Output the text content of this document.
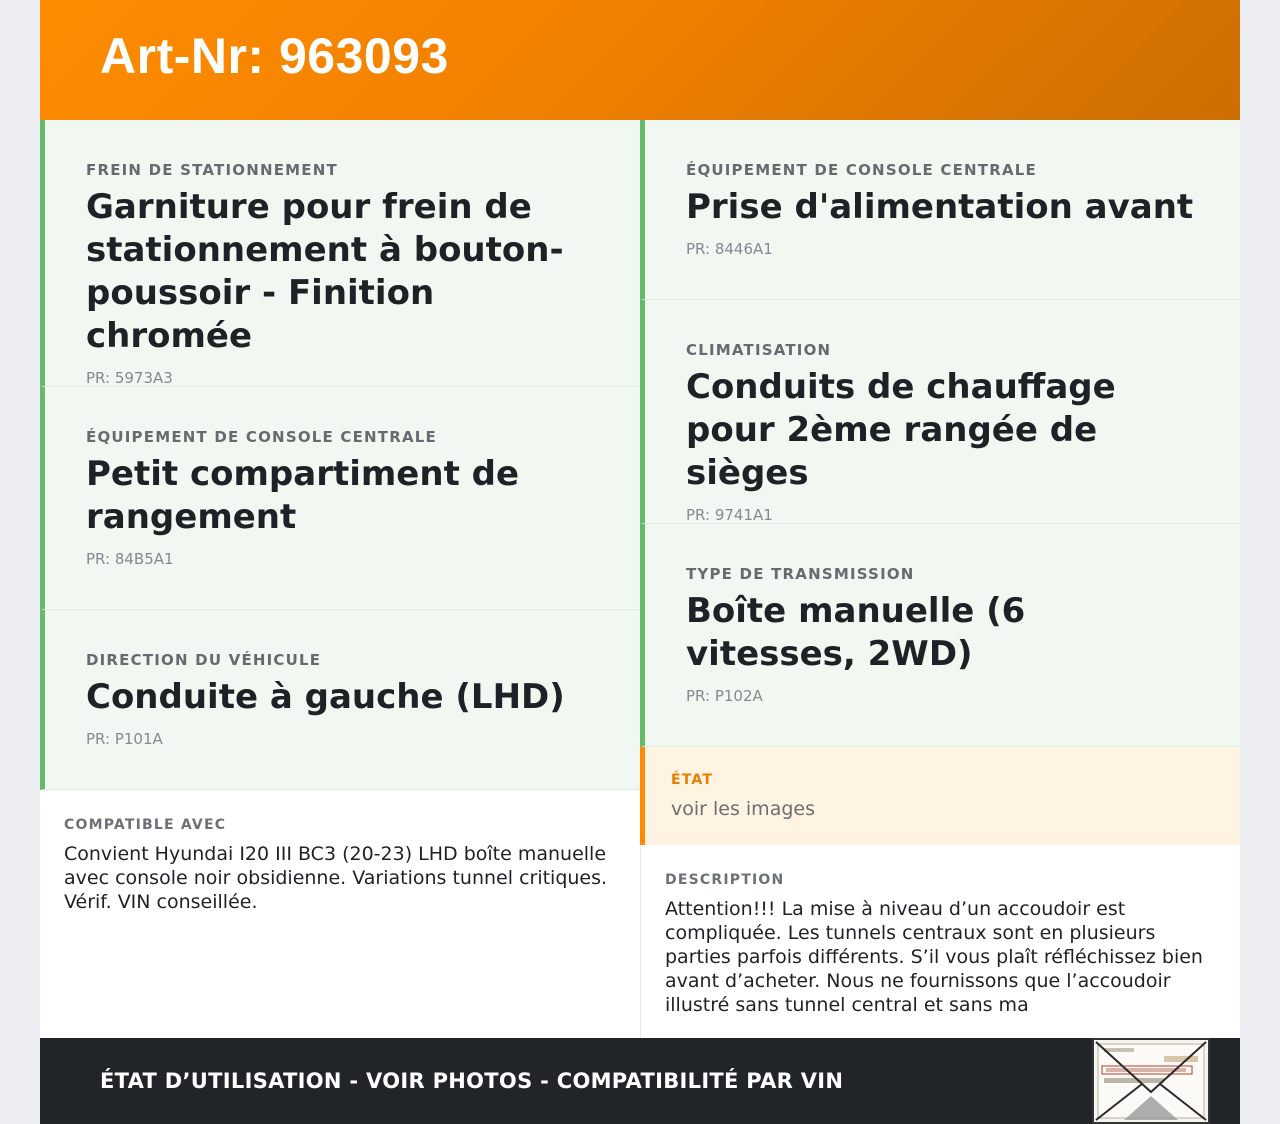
Art-Nr: 963093
FREIN DE STATIONNEMENT
Garniture pour frein de stationnement à bouton-poussoir - Finition chromée
PR: 5973A3
ÉQUIPEMENT DE CONSOLE CENTRALE
Petit compartiment de rangement
PR: 84B5A1
DIRECTION DU VÉHICULE
Conduite à gauche (LHD)
PR: P101A
ÉQUIPEMENT DE CONSOLE CENTRALE
Prise d'alimentation avant
PR: 8446A1
CLIMATISATION
Conduits de chauffage pour 2ème rangée de sièges
PR: 9741A1
TYPE DE TRANSMISSION
Boîte manuelle (6 vitesses, 2WD)
PR: P102A
ÉTAT
voir les images
COMPATIBLE AVEC
Convient Hyundai I20 III BC3 (20-23) LHD boîte manuelle avec console noir obsidienne. Variations tunnel critiques. Vérif. VIN conseillée.
DESCRIPTION
Attention!!! La mise à niveau d’un accoudoir est compliquée. Les tunnels centraux sont en plusieurs parties parfois différents. S’il vous plaît réfléchissez bien avant d’acheter. Nous ne fournissons que l’accoudoir illustré sans tunnel central et sans ma
ÉTAT D’UTILISATION - VOIR PHOTOS - COMPATIBILITÉ PAR VIN
